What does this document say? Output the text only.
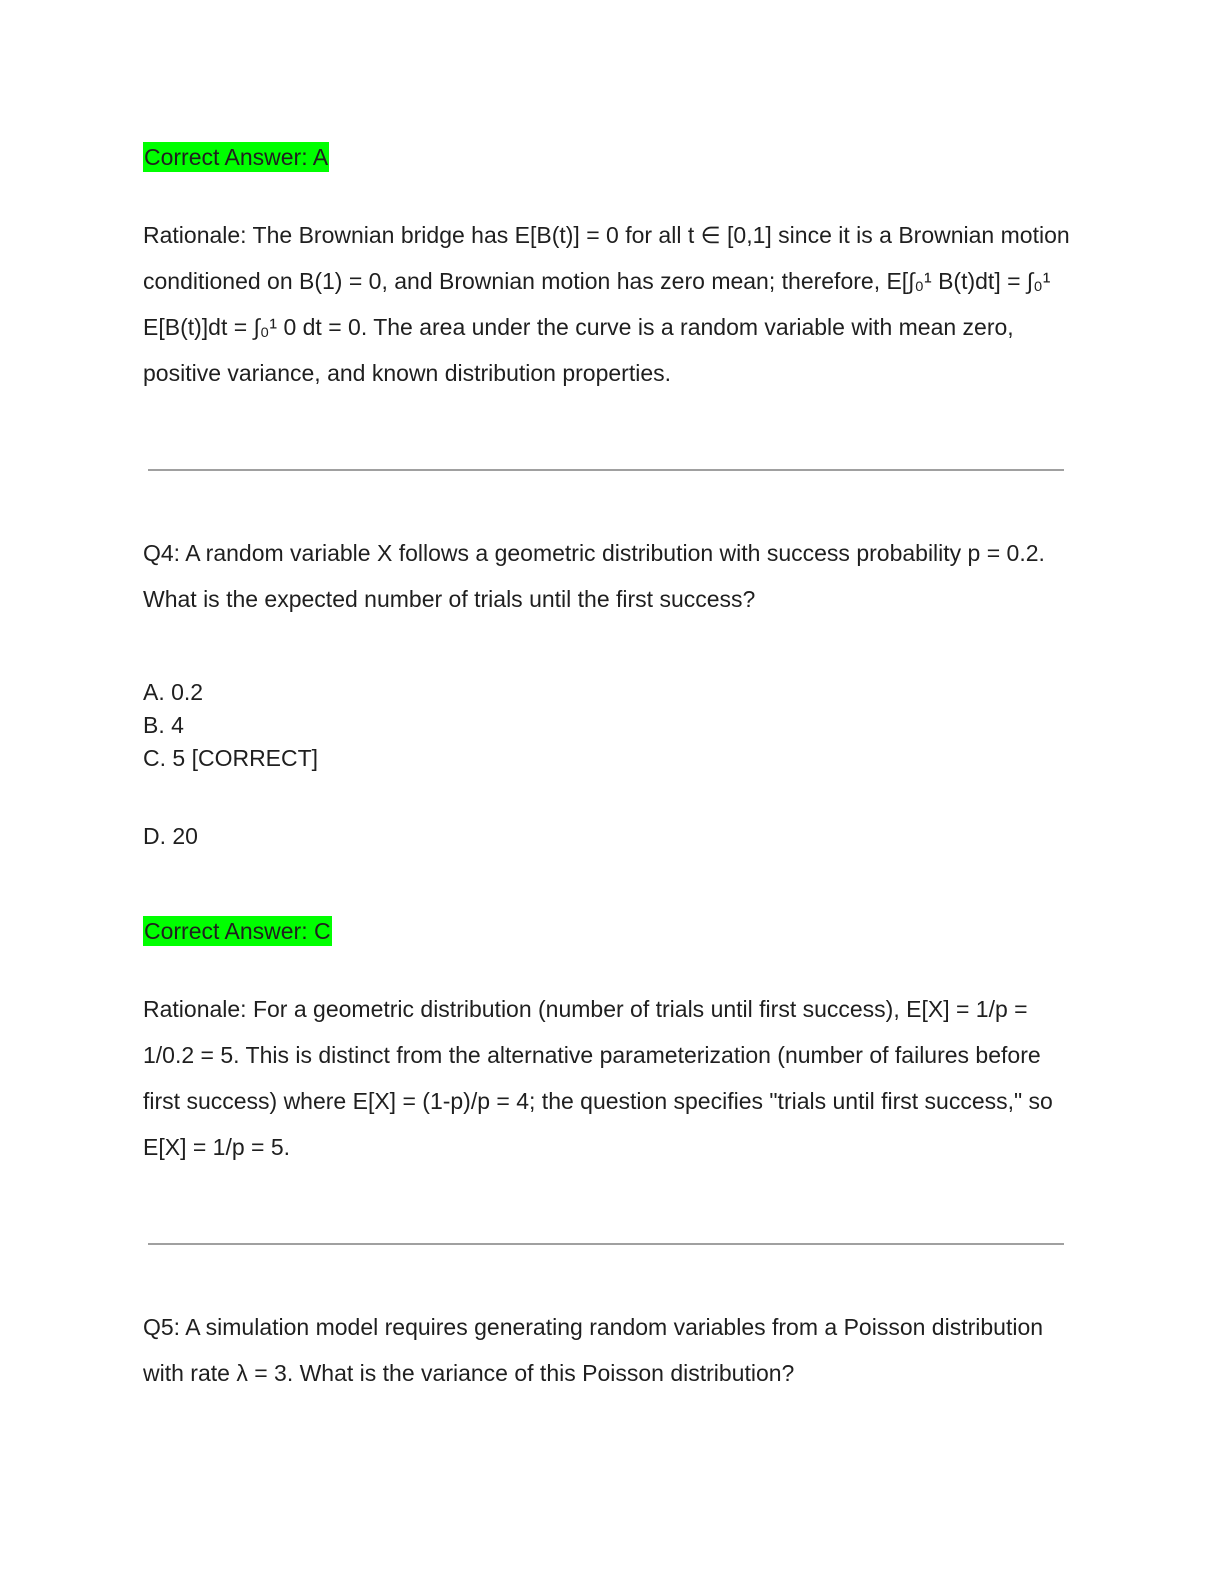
Correct Answer: A

Rationale: The Brownian bridge has E[B(t)] = 0 for all t ∈ [0,1] since it is a Brownian motion conditioned on B(1) = 0, and Brownian motion has zero mean; therefore, E[∫₀¹ B(t)dt] = ∫₀¹ E[B(t)]dt = ∫₀¹ 0 dt = 0. The area under the curve is a random variable with mean zero, positive variance, and known distribution properties.

Q4: A random variable X follows a geometric distribution with success probability p = 0.2. What is the expected number of trials until the first success?

A. 0.2
B. 4
C. 5 [CORRECT]
D. 20
Correct Answer: C

Rationale: For a geometric distribution (number of trials until first success), E[X] = 1/p = 1/0.2 = 5. This is distinct from the alternative parameterization (number of failures before first success) where E[X] = (1-p)/p = 4; the question specifies "trials until first success," so E[X] = 1/p = 5.

Q5: A simulation model requires generating random variables from a Poisson distribution with rate λ = 3. What is the variance of this Poisson distribution?
